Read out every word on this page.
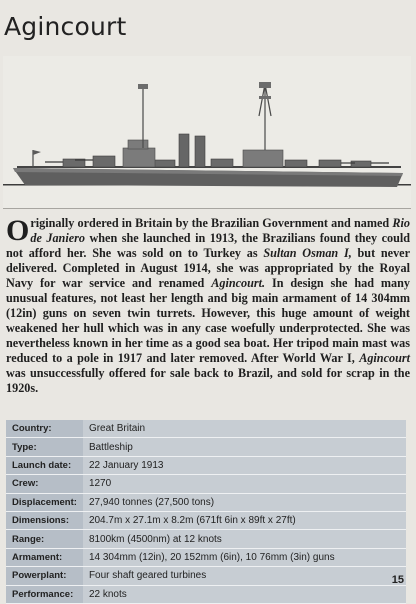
Agincourt
O riginally ordered in Britain by the Brazilian Government and named Rio de Janiero when she launched in 1913, the Brazilians found they could not afford her. She was sold on to Turkey as Sultan Osman I, but never delivered. Completed in August 1914, she was appropriated by the Royal Navy for war service and renamed Agincourt. In design she had many unusual features, not least her length and big main armament of 14 304mm (12in) guns on seven twin turrets. However, this huge amount of weight weakened her hull which was in any case woefully underprotected. She was nevertheless known in her time as a good sea boat. Her tripod main mast was reduced to a pole in 1917 and later removed. After World War I, Agincourt was unsuccessfully offered for sale back to Brazil, and sold for scrap in the 1920s.
Country:	Great Britain
Type:	Battleship
Launch date:	22 January 1913
Crew:	1270
Displacement:	27,940 tonnes (27,500 tons)
Dimensions:	204.7m x 27.1m x 8.2m (671ft 6in x 89ft x 27ft)
Range:	8100km (4500nm) at 12 knots
Armament:	14 304mm (12in), 20 152mm (6in), 10 76mm (3in) guns
Powerplant:	Four shaft geared turbines
Performance:	22 knots
15
